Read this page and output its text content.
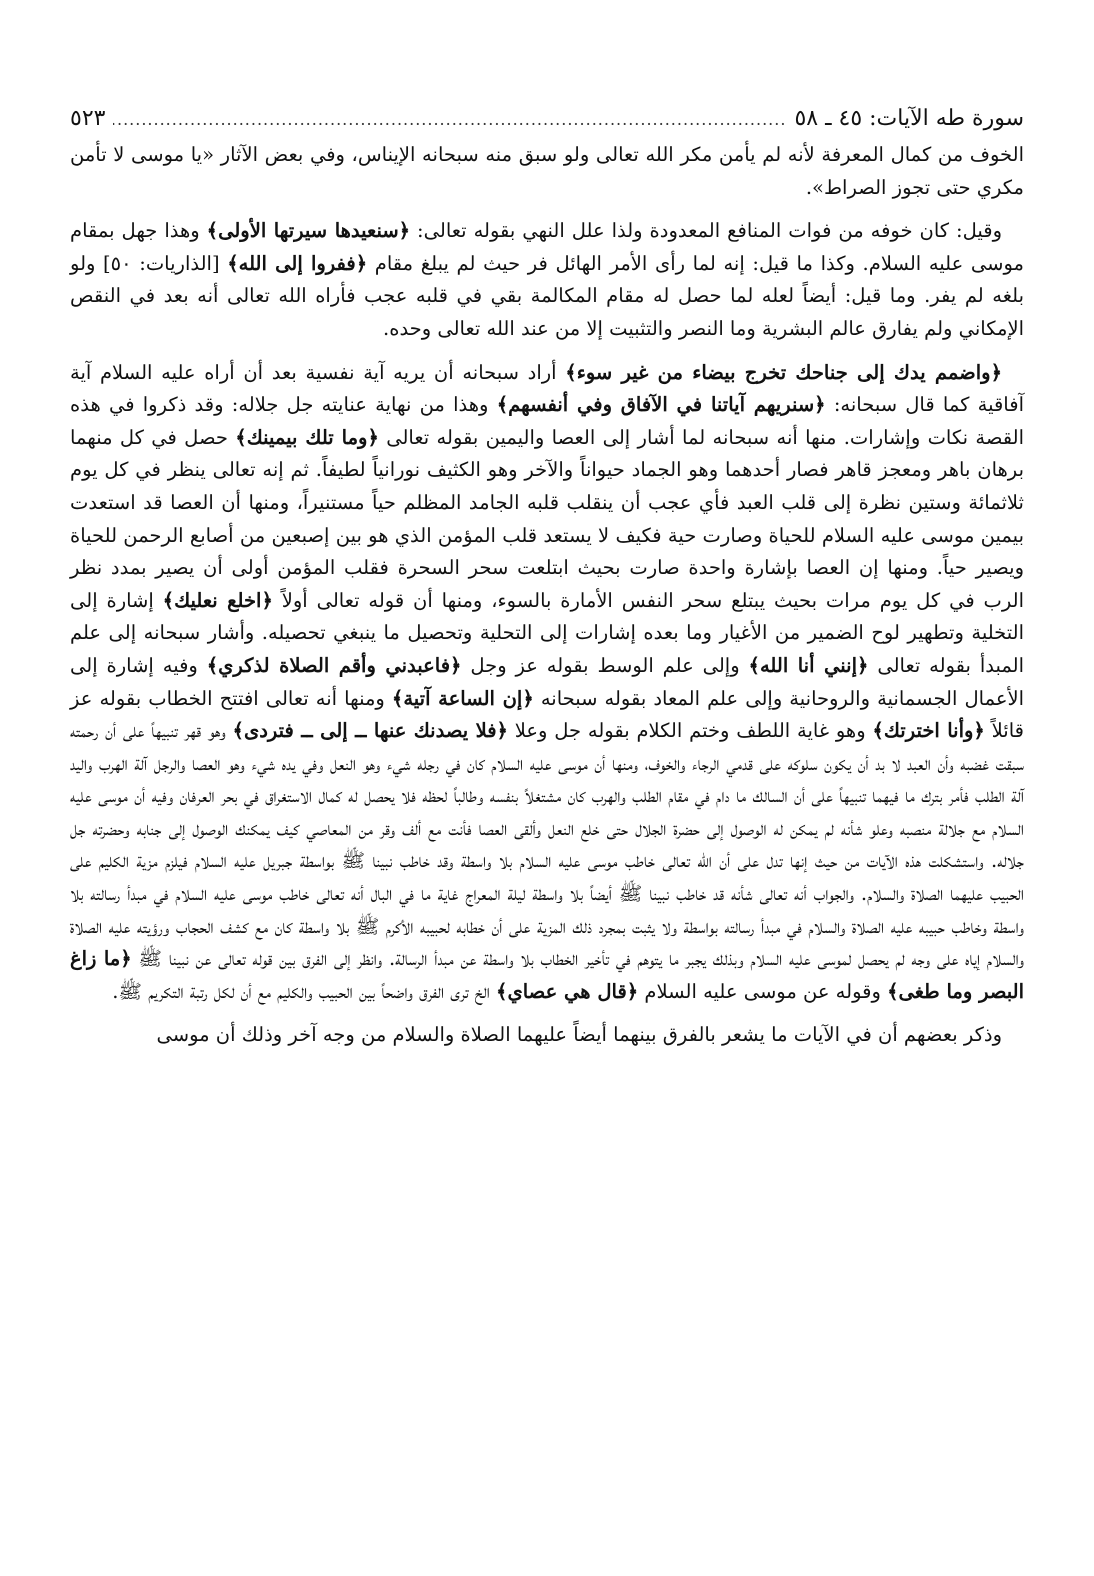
سورة طه الآيات: ٤٥ ـ ٥٨
.....
٥٢٣

الخوف من كمال المعرفة لأنه لم يأمن مكر الله تعالى ولو سبق منه سبحانه الإيناس، وفي بعض الآثار «يا موسى لا تأمن مكري حتى تجوز الصراط».

وقيل: كان خوفه من فوات المنافع المعدودة ولذا علل النهي بقوله تعالى: ﴿سنعيدها سيرتها الأولى﴾ وهذا جهل بمقام موسى عليه السلام. وكذا ما قيل: إنه لما رأى الأمر الهائل فر حيث لم يبلغ مقام ﴿ففروا إلى الله﴾ [الذاريات: ٥٠] ولو بلغه لم يفر. وما قيل: أيضاً لعله لما حصل له مقام المكالمة بقي في قلبه عجب فأراه الله تعالى أنه بعد في النقص الإمكاني ولم يفارق عالم البشرية وما النصر والتثبيت إلا من عند الله تعالى وحده.

﴿واضمم يدك إلى جناحك تخرج بيضاء من غير سوء﴾ أراد سبحانه أن يريه آية نفسية بعد أن أراه عليه السلام آية آفاقية كما قال سبحانه: ﴿سنريهم آياتنا في الآفاق وفي أنفسهم﴾ وهذا من نهاية عنايته جل جلاله: وقد ذكروا في هذه القصة نكات وإشارات. منها أنه سبحانه لما أشار إلى العصا واليمين بقوله تعالى ﴿وما تلك بيمينك﴾ حصل في كل منهما برهان باهر ومعجز قاهر فصار أحدهما وهو الجماد حيواناً والآخر وهو الكثيف نورانياً لطيفاً. ثم إنه تعالى ينظر في كل يوم ثلاثمائة وستين نظرة إلى قلب العبد فأي عجب أن ينقلب قلبه الجامد المظلم حياً مستنيراً، ومنها أن العصا قد استعدت بيمين موسى عليه السلام للحياة وصارت حية فكيف لا يستعد قلب المؤمن الذي هو بين إصبعين من أصابع الرحمن للحياة ويصير حياً. ومنها إن العصا بإشارة واحدة صارت بحيث ابتلعت سحر السحرة فقلب المؤمن أولى أن يصير بمدد نظر الرب في كل يوم مرات بحيث يبتلع سحر النفس الأمارة بالسوء، ومنها أن قوله تعالى أولاً ﴿اخلع نعليك﴾ إشارة إلى التخلية وتطهير لوح الضمير من الأغيار وما بعده إشارات إلى التحلية وتحصيل ما ينبغي تحصيله. وأشار سبحانه إلى علم المبدأ بقوله تعالى ﴿إنني أنا الله﴾ وإلى علم الوسط بقوله عز وجل ﴿فاعبدني وأقم الصلاة لذكري﴾ وفيه إشارة إلى الأعمال الجسمانية والروحانية وإلى علم المعاد بقوله سبحانه ﴿إن الساعة آتية﴾ ومنها أنه تعالى افتتح الخطاب بقوله عز قائلاً ﴿وأنا اخترتك﴾ وهو غاية اللطف وختم الكلام بقوله جل وعلا ﴿فلا يصدنك عنها ــ إلى ــ فتردى﴾ وهو قهر تنبيهاً على أن رحمته سبقت غضبه وأن العبد لا بد أن يكون سلوكه على قدمي الرجاء والخوف، ومنها أن موسى عليه السلام كان في رجله شيء وهو النعل وفي يده شيء وهو العصا والرجل آلة الهرب واليد آلة الطلب فأمر بترك ما فيهما تنبيهاً على أن السالك ما دام في مقام الطلب والهرب كان مشتغلاً بنفسه وطالباً لحظه فلا يحصل له كمال الاستغراق في بحر العرفان وفيه أن موسى عليه السلام مع جلالة منصبه وعلو شأنه لم يمكن له الوصول إلى حضرة الجلال حتى خلع النعل وألقى العصا فأنت مع ألف وقر من المعاصي كيف يمكنك الوصول إلى جنابه وحضرته جل جلاله. واستشكلت هذه الآيات من حيث إنها تدل على أن الله تعالى خاطب موسى عليه السلام بلا واسطة وقد خاطب نبينا ﷺ بواسطة جبريل عليه السلام فيلزم مزية الكليم على الحبيب عليهما الصلاة والسلام. والجواب أنه تعالى شأنه قد خاطب نبينا ﷺ أيضاً بلا واسطة ليلة المعراج غاية ما في البال أنه تعالى خاطب موسى عليه السلام في مبدأ رسالته بلا واسطة وخاطب حبيبه عليه الصلاة والسلام في مبدأ رسالته بواسطة ولا يثبت بمجرد ذلك المزية على أن خطابه لحبيبه الأكرم ﷺ بلا واسطة كان مع كشف الحجاب ورؤيته عليه الصلاة والسلام إياه على وجه لم يحصل لموسى عليه السلام وبذلك يجبر ما يتوهم في تأخير الخطاب بلا واسطة عن مبدأ الرسالة. وانظر إلى الفرق بين قوله تعالى عن نبينا ﷺ ﴿ما زاغ البصر وما طغى﴾ وقوله عن موسى عليه السلام ﴿قال هي عصاي﴾ الخ ترى الفرق واضحاً بين الحبيب والكليم مع أن لكل رتبة التكريم ﷺ.

وذكر بعضهم أن في الآيات ما يشعر بالفرق بينهما أيضاً عليهما الصلاة والسلام من وجه آخر وذلك أن موسى
